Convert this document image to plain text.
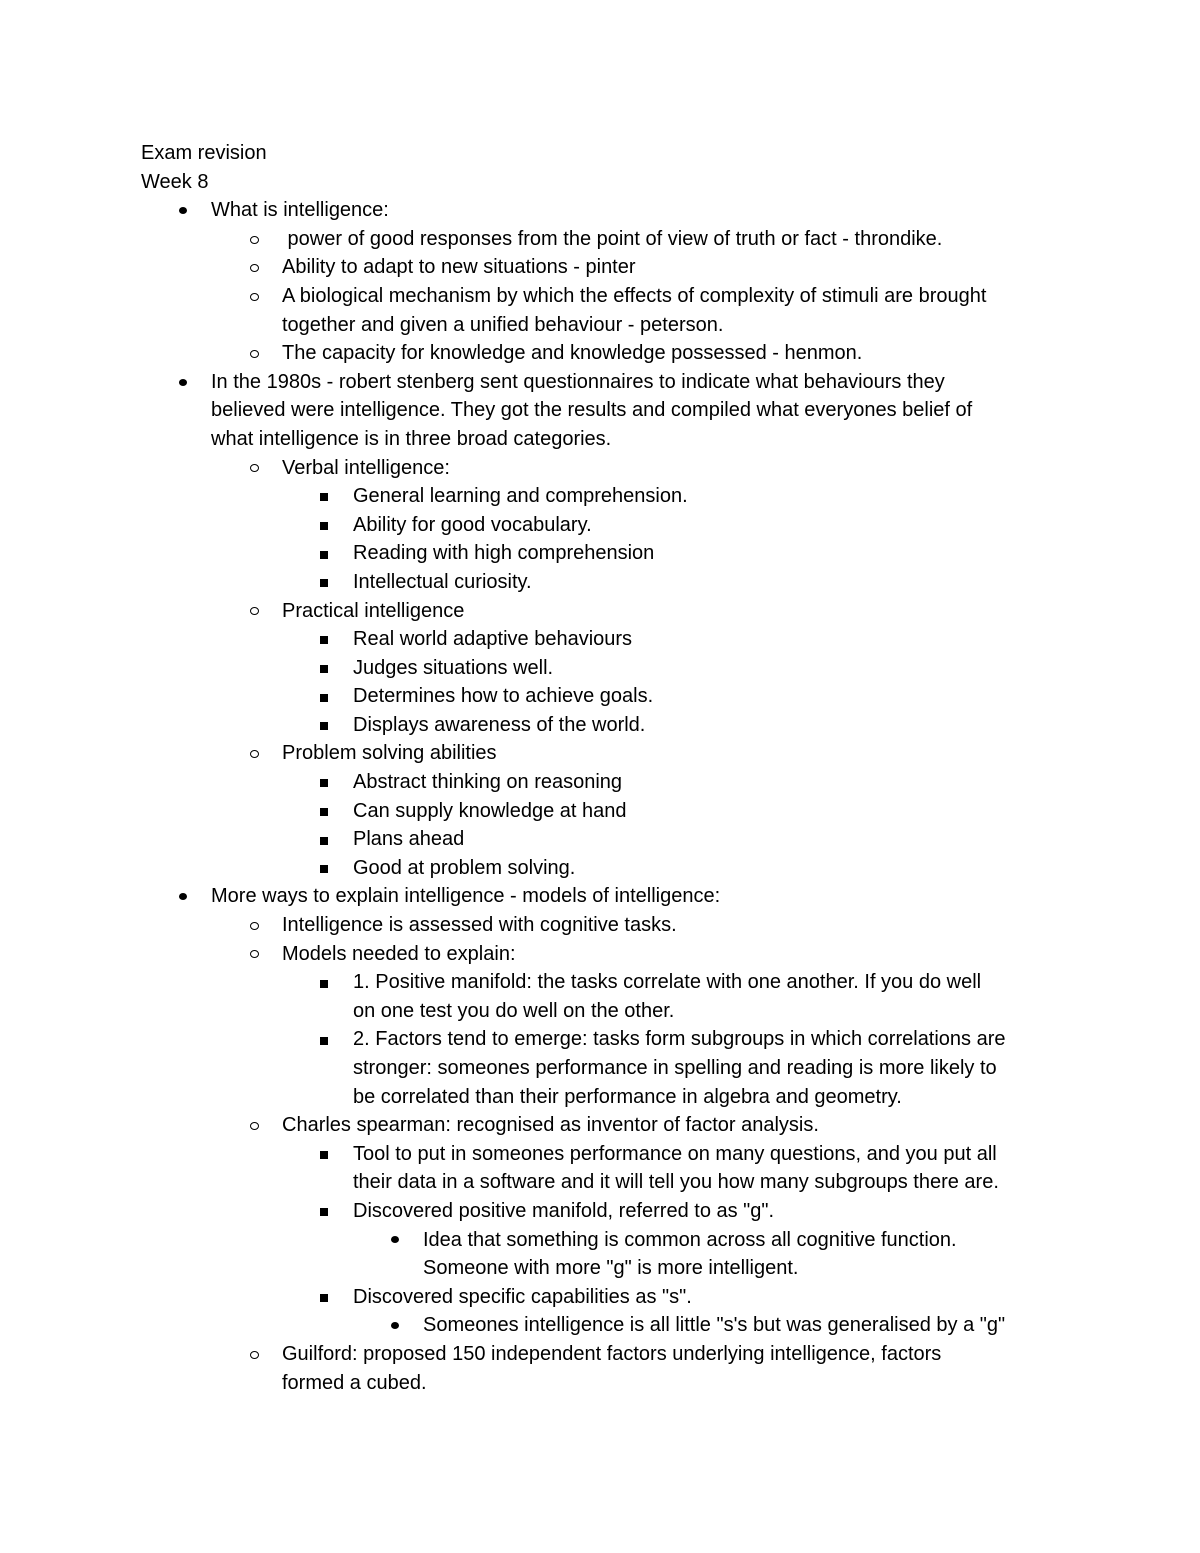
Exam revision

Week 8

What is intelligence:
power of good responses from the point of view of truth or fact - throndike.
Ability to adapt to new situations - pinter
A biological mechanism by which the effects of complexity of stimuli are brought
together and given a unified behaviour - peterson.
The capacity for knowledge and knowledge possessed - henmon.
In the 1980s - robert stenberg sent questionnaires to indicate what behaviours they
believed were intelligence. They got the results and compiled what everyones belief of
what intelligence is in three broad categories.
Verbal intelligence:
General learning and comprehension.
Ability for good vocabulary.
Reading with high comprehension
Intellectual curiosity.
Practical intelligence
Real world adaptive behaviours
Judges situations well.
Determines how to achieve goals.
Displays awareness of the world.
Problem solving abilities
Abstract thinking on reasoning
Can supply knowledge at hand
Plans ahead
Good at problem solving.
More ways to explain intelligence - models of intelligence:
Intelligence is assessed with cognitive tasks.
Models needed to explain:
1. Positive manifold: the tasks correlate with one another. If you do well
on one test you do well on the other.
2. Factors tend to emerge: tasks form subgroups in which correlations are
stronger: someones performance in spelling and reading is more likely to
be correlated than their performance in algebra and geometry.
Charles spearman: recognised as inventor of factor analysis.
Tool to put in someones performance on many questions, and you put all
their data in a software and it will tell you how many subgroups there are.
Discovered positive manifold, referred to as "g".
Idea that something is common across all cognitive function.
Someone with more "g" is more intelligent.
Discovered specific capabilities as "s".
Someones intelligence is all little "s's but was generalised by a "g"
Guilford: proposed 150 independent factors underlying intelligence, factors
formed a cubed.
